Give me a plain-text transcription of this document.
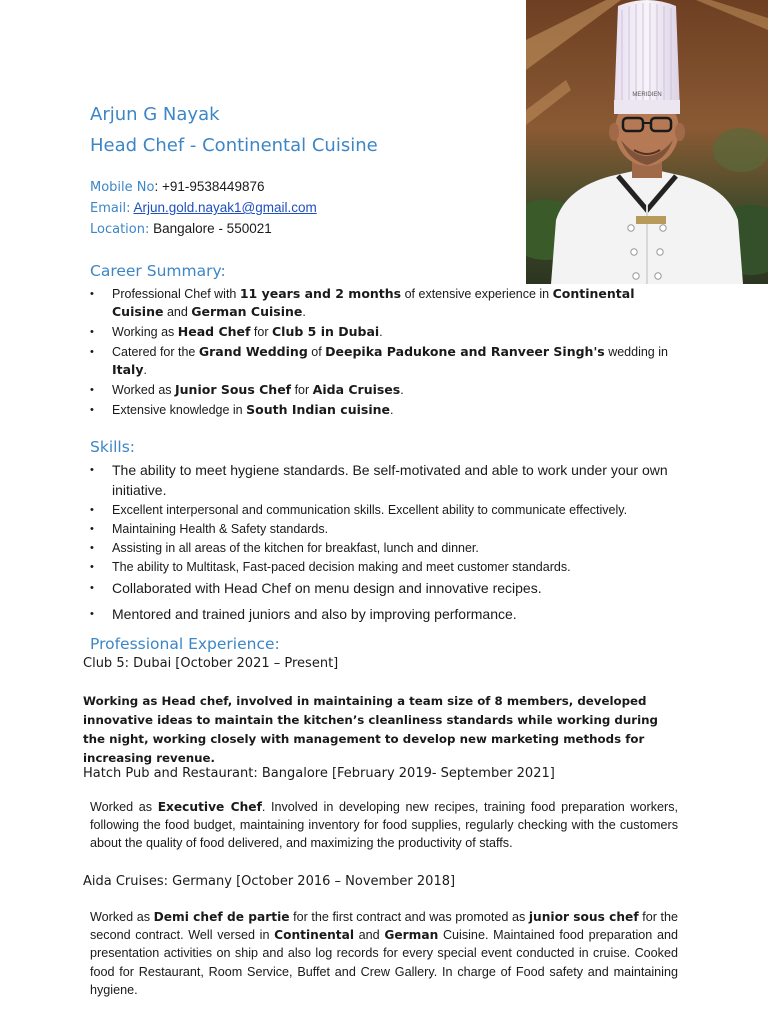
MERIDIEN
Arjun G Nayak
Head Chef - Continental Cuisine
Mobile No: +91-9538449876
Email: Arjun.gold.nayak1@gmail.com
Location: Bangalore - 550021
Career Summary:
• Professional Chef with 11 years and 2 months of extensive experience in Continental Cuisine and German Cuisine.
• Working as Head Chef for Club 5 in Dubai.
• Catered for the Grand Wedding of Deepika Padukone and Ranveer Singh's wedding in Italy.
• Worked as Junior Sous Chef for Aida Cruises.
• Extensive knowledge in South Indian cuisine.
Skills:
• The ability to meet hygiene standards. Be self-motivated and able to work under your own initiative.
• Excellent interpersonal and communication skills. Excellent ability to communicate effectively.
• Maintaining Health & Safety standards.
• Assisting in all areas of the kitchen for breakfast, lunch and dinner.
• The ability to Multitask, Fast-paced decision making and meet customer standards.
• Collaborated with Head Chef on menu design and innovative recipes.
• Mentored and trained juniors and also by improving performance.
Professional Experience:
Club 5: Dubai [October 2021 – Present]
Working as Head chef, involved in maintaining a team size of 8 members, developed innovative ideas to maintain the kitchen’s cleanliness standards while working during the night, working closely with management to develop new marketing methods for increasing revenue.
Hatch Pub and Restaurant: Bangalore [February 2019- September 2021]
Worked as Executive Chef. Involved in developing new recipes, training food preparation workers, following the food budget, maintaining inventory for food supplies, regularly checking with the customers about the quality of food delivered, and maximizing the productivity of staffs.
Aida Cruises: Germany [October 2016 – November 2018]
Worked as Demi chef de partie for the first contract and was promoted as junior sous chef for the second contract. Well versed in Continental and German Cuisine. Maintained food preparation and presentation activities on ship and also log records for every special event conducted in cruise. Cooked food for Restaurant, Room Service, Buffet and Crew Gallery. In charge of Food safety and maintaining hygiene.
